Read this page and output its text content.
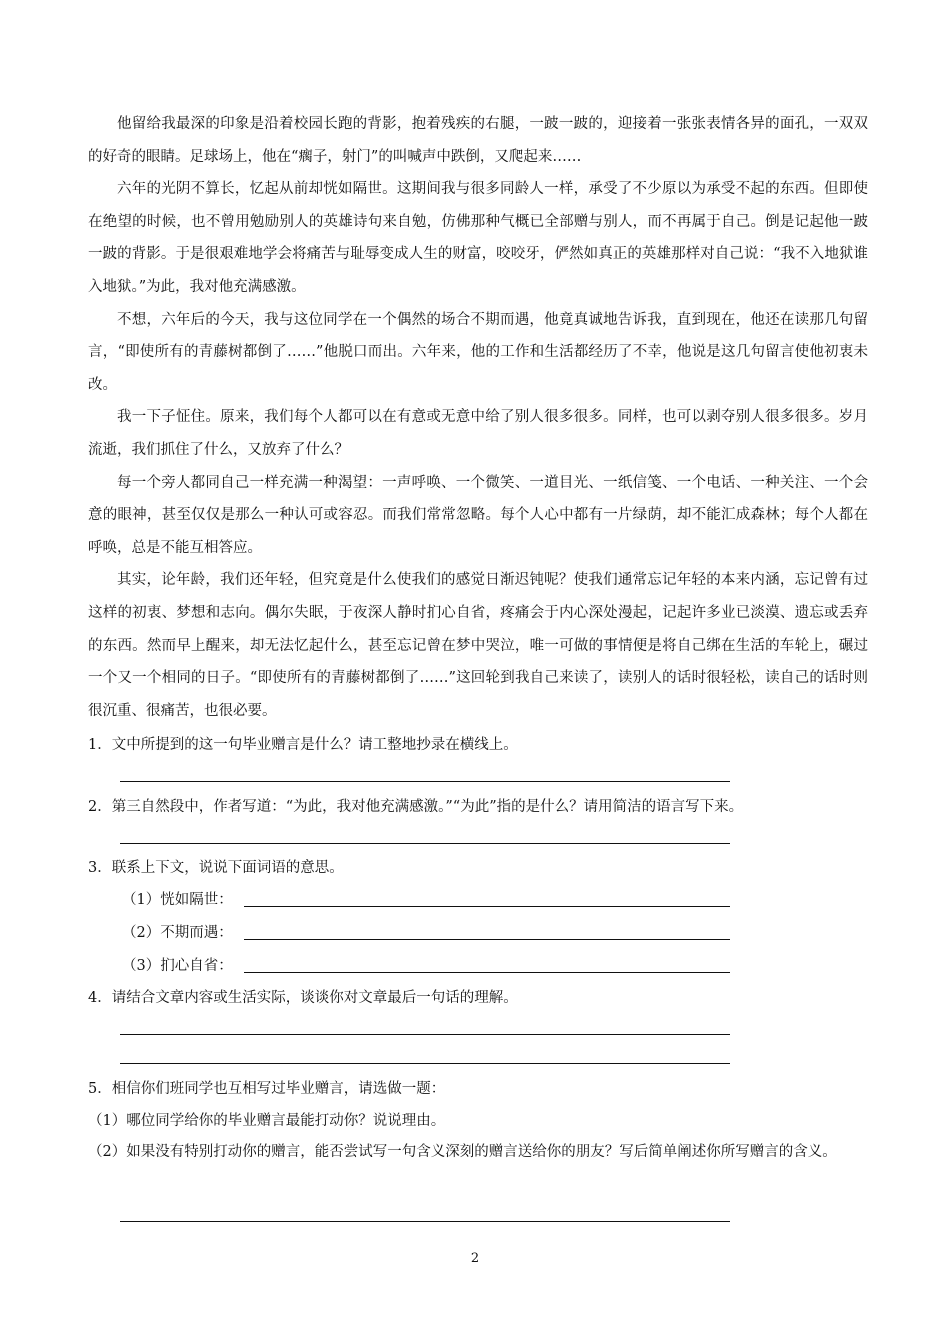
他留给我最深的印象是沿着校园长跑的背影，抱着残疾的右腿，一跛一跛的，迎接着一张张表情各异的面孔，一双双的好奇的眼睛。足球场上，他在“瘸子，射门”的叫喊声中跌倒，又爬起来……

六年的光阴不算长，忆起从前却恍如隔世。这期间我与很多同龄人一样，承受了不少原以为承受不起的东西。但即使在绝望的时候，也不曾用勉励别人的英雄诗句来自勉，仿佛那种气概已全部赠与别人，而不再属于自己。倒是记起他一跛一跛的背影。于是很艰难地学会将痛苦与耻辱变成人生的财富，咬咬牙，俨然如真正的英雄那样对自己说：“我不入地狱谁入地狱。”为此，我对他充满感激。

不想，六年后的今天，我与这位同学在一个偶然的场合不期而遇，他竟真诚地告诉我，直到现在，他还在读那几句留言，“即使所有的青藤树都倒了……”他脱口而出。六年来，他的工作和生活都经历了不幸，他说是这几句留言使他初衷未改。

我一下子怔住。原来，我们每个人都可以在有意或无意中给了别人很多很多。同样，也可以剥夺别人很多很多。岁月流逝，我们抓住了什么，又放弃了什么？

每一个旁人都同自己一样充满一种渴望：一声呼唤、一个微笑、一道目光、一纸信笺、一个电话、一种关注、一个会意的眼神，甚至仅仅是那么一种认可或容忍。而我们常常忽略。每个人心中都有一片绿荫，却不能汇成森林；每个人都在呼唤，总是不能互相答应。

其实，论年龄，我们还年轻，但究竟是什么使我们的感觉日渐迟钝呢？使我们通常忘记年轻的本来内涵，忘记曾有过这样的初衷、梦想和志向。偶尔失眠，于夜深人静时扪心自省，疼痛会于内心深处漫起，记起许多业已淡漠、遗忘或丢弃的东西。然而早上醒来，却无法忆起什么，甚至忘记曾在梦中哭泣，唯一可做的事情便是将自己绑在生活的车轮上，碾过一个又一个相同的日子。“即使所有的青藤树都倒了……”这回轮到我自己来读了，读别人的话时很轻松，读自己的话时则很沉重、很痛苦，也很必要。

1．文中所提到的这一句毕业赠言是什么？请工整地抄录在横线上。
2．第三自然段中，作者写道：“为此，我对他充满感激。”“为此”指的是什么？请用简洁的语言写下来。
3．联系上下文，说说下面词语的意思。
（1）恍如隔世：
（2）不期而遇：
（3）扪心自省：
4．请结合文章内容或生活实际，谈谈你对文章最后一句话的理解。
5．相信你们班同学也互相写过毕业赠言，请选做一题：
（1）哪位同学给你的毕业赠言最能打动你？说说理由。
（2）如果没有特别打动你的赠言，能否尝试写一句含义深刻的赠言送给你的朋友？写后简单阐述你所写赠言的含义。
2
